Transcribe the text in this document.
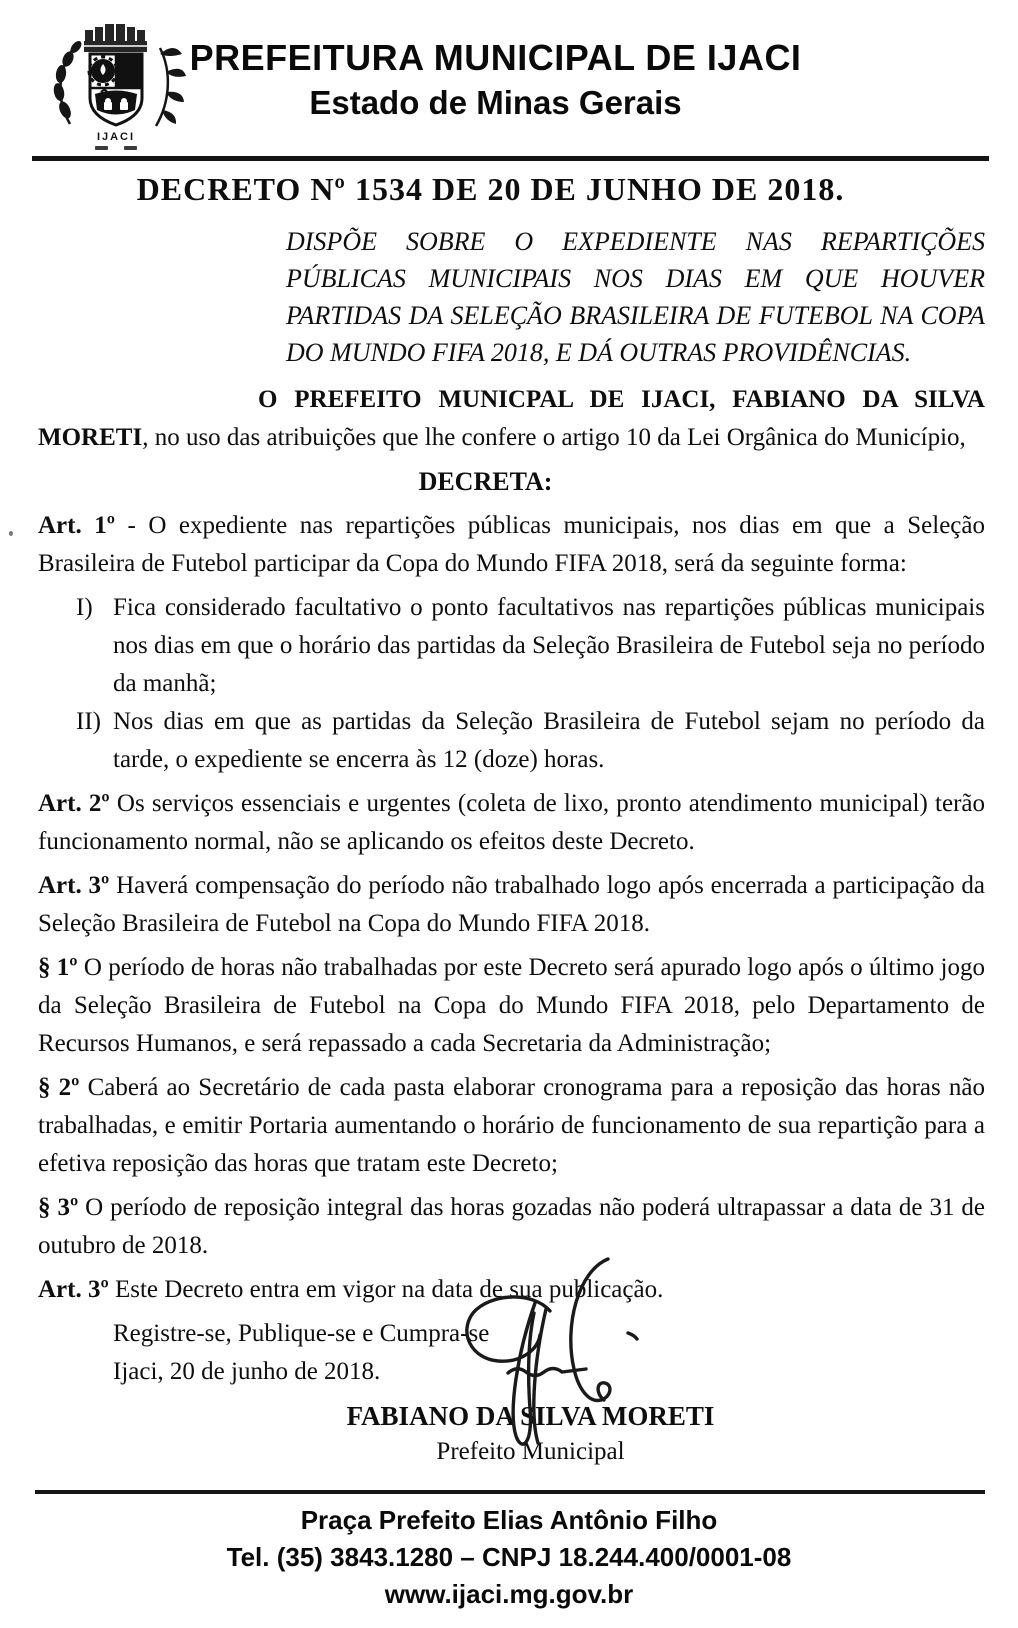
IJACI
PREFEITURA MUNICIPAL DE IJACI
Estado de Minas Gerais
DECRETO Nº 1534 DE 20 DE JUNHO DE 2018.

DISPÕE SOBRE O EXPEDIENTE NAS REPARTIÇÕES PÚBLICAS MUNICIPAIS NOS DIAS EM QUE HOUVER PARTIDAS DA SELEÇÃO BRASILEIRA DE FUTEBOL NA COPA DO MUNDO FIFA 2018, E DÁ OUTRAS PROVIDÊNCIAS.

O PREFEITO MUNICPAL DE IJACI, FABIANO DA SILVA MORETI, no uso das atribuições que lhe confere o artigo 10 da Lei Orgânica do Município,

DECRETA:

Art. 1º - O expediente nas repartições públicas municipais, nos dias em que a Seleção Brasileira de Futebol participar da Copa do Mundo FIFA 2018, será da seguinte forma:

I) Fica considerado facultativo o ponto facultativos nas repartições públicas municipais nos dias em que o horário das partidas da Seleção Brasileira de Futebol seja no período da manhã;
II) Nos dias em que as partidas da Seleção Brasileira de Futebol sejam no período da tarde, o expediente se encerra às 12 (doze) horas.

Art. 2º Os serviços essenciais e urgentes (coleta de lixo, pronto atendimento municipal) terão funcionamento normal, não se aplicando os efeitos deste Decreto.

Art. 3º Haverá compensação do período não trabalhado logo após encerrada a participação da Seleção Brasileira de Futebol na Copa do Mundo FIFA 2018.

§ 1º O período de horas não trabalhadas por este Decreto será apurado logo após o último jogo da Seleção Brasileira de Futebol na Copa do Mundo FIFA 2018, pelo Departamento de Recursos Humanos, e será repassado a cada Secretaria da Administração;

§ 2º Caberá ao Secretário de cada pasta elaborar cronograma para a reposição das horas não trabalhadas, e emitir Portaria aumentando o horário de funcionamento de sua repartição para a efetiva reposição das horas que tratam este Decreto;

§ 3º O período de reposição integral das horas gozadas não poderá ultrapassar a data de 31 de outubro de 2018.

Art. 3º Este Decreto entra em vigor na data de sua publicação.

Registre-se, Publique-se e Cumpra-se
Ijaci, 20 de junho de 2018.
FABIANO DA SILVA MORETI
Prefeito Municipal
Praça Prefeito Elias Antônio Filho
Tel. (35) 3843.1280 – CNPJ 18.244.400/0001-08
www.ijaci.mg.gov.br
